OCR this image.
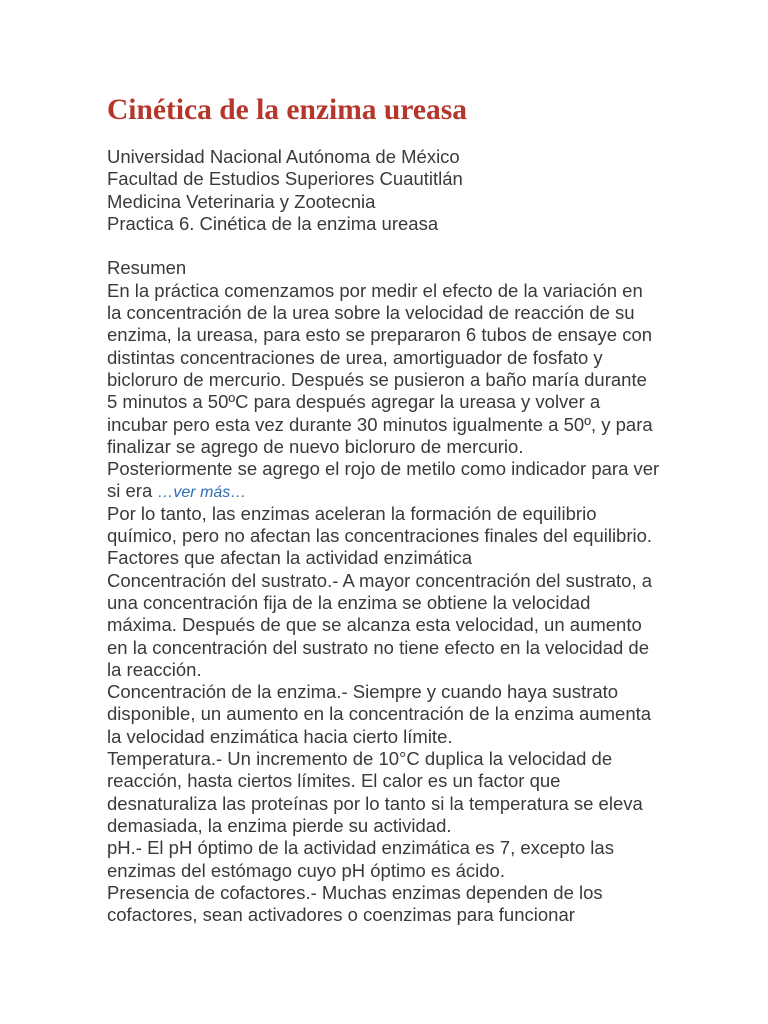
Cinética de la enzima ureasa
Universidad Nacional Autónoma de México
Facultad de Estudios Superiores Cuautitlán
Medicina Veterinaria y Zootecnia
Practica 6. Cinética de la enzima ureasa
Resumen
En la práctica comenzamos por medir el efecto de la variación en
la concentración de la urea sobre la velocidad de reacción de su
enzima, la ureasa, para esto se prepararon 6 tubos de ensaye con
distintas concentraciones de urea, amortiguador de fosfato y
bicloruro de mercurio. Después se pusieron a baño maría durante
5 minutos a 50ºC para después agregar la ureasa y volver a
incubar pero esta vez durante 30 minutos igualmente a 50º, y para
finalizar se agrego de nuevo bicloruro de mercurio.
Posteriormente se agrego el rojo de metilo como indicador para ver
si era …ver más…
Por lo tanto, las enzimas aceleran la formación de equilibrio
químico, pero no afectan las concentraciones finales del equilibrio.
Factores que afectan la actividad enzimática
Concentración del sustrato.- A mayor concentración del sustrato, a
una concentración fija de la enzima se obtiene la velocidad
máxima. Después de que se alcanza esta velocidad, un aumento
en la concentración del sustrato no tiene efecto en la velocidad de
la reacción.
Concentración de la enzima.- Siempre y cuando haya sustrato
disponible, un aumento en la concentración de la enzima aumenta
la velocidad enzimática hacia cierto límite.
Temperatura.- Un incremento de 10°C duplica la velocidad de
reacción, hasta ciertos límites. El calor es un factor que
desnaturaliza las proteínas por lo tanto si la temperatura se eleva
demasiada, la enzima pierde su actividad.
pH.- El pH óptimo de la actividad enzimática es 7, excepto las
enzimas del estómago cuyo pH óptimo es ácido.
Presencia de cofactores.- Muchas enzimas dependen de los
cofactores, sean activadores o coenzimas para funcionar
